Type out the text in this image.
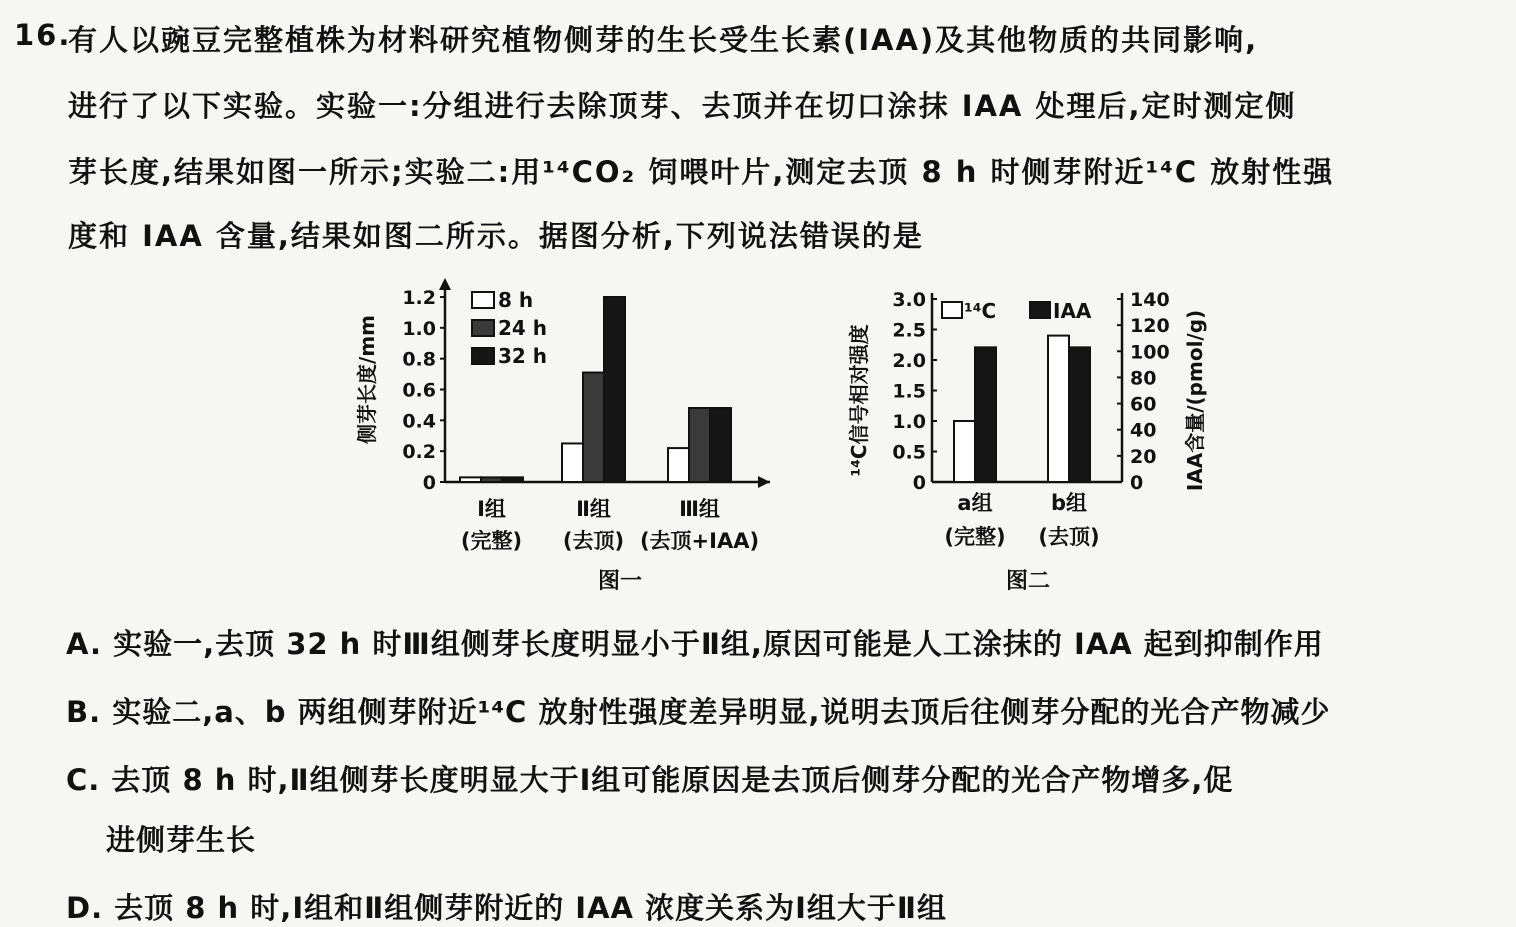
16.
有人以豌豆完整植株为材料研究植物侧芽的生长受生长素(IAA)及其他物质的共同影响,
进行了以下实验。实验一:分组进行去除顶芽、去顶并在切口涂抹 IAA 处理后,定时测定侧
芽长度,结果如图一所示;实验二:用¹⁴CO₂ 饲喂叶片,测定去顶 8 h 时侧芽附近¹⁴C 放射性强
度和 IAA 含量,结果如图二所示。据图分析,下列说法错误的是
0
0.2
0.4
0.6
0.8
1.0
1.2
侧芽长度/mm
Ⅰ组
(完整)
Ⅱ组
(去顶)
Ⅲ组
(去顶+IAA)
8 h
24 h
32 h
图一
0
0.5
1.0
1.5
2.0
2.5
3.0
0
20
40
60
80
100
120
140
¹⁴C信号相对强度	IAA含量/(pmol/g)
a组
(完整)
b组
(去顶)
¹⁴C	IAA
图二
A. 实验一,去顶 32 h 时Ⅲ组侧芽长度明显小于Ⅱ组,原因可能是人工涂抹的 IAA 起到抑制作用
B. 实验二,a、b 两组侧芽附近¹⁴C 放射性强度差异明显,说明去顶后往侧芽分配的光合产物减少
C. 去顶 8 h 时,Ⅱ组侧芽长度明显大于Ⅰ组可能原因是去顶后侧芽分配的光合产物增多,促
进侧芽生长
D. 去顶 8 h 时,Ⅰ组和Ⅱ组侧芽附近的 IAA 浓度关系为Ⅰ组大于Ⅱ组
